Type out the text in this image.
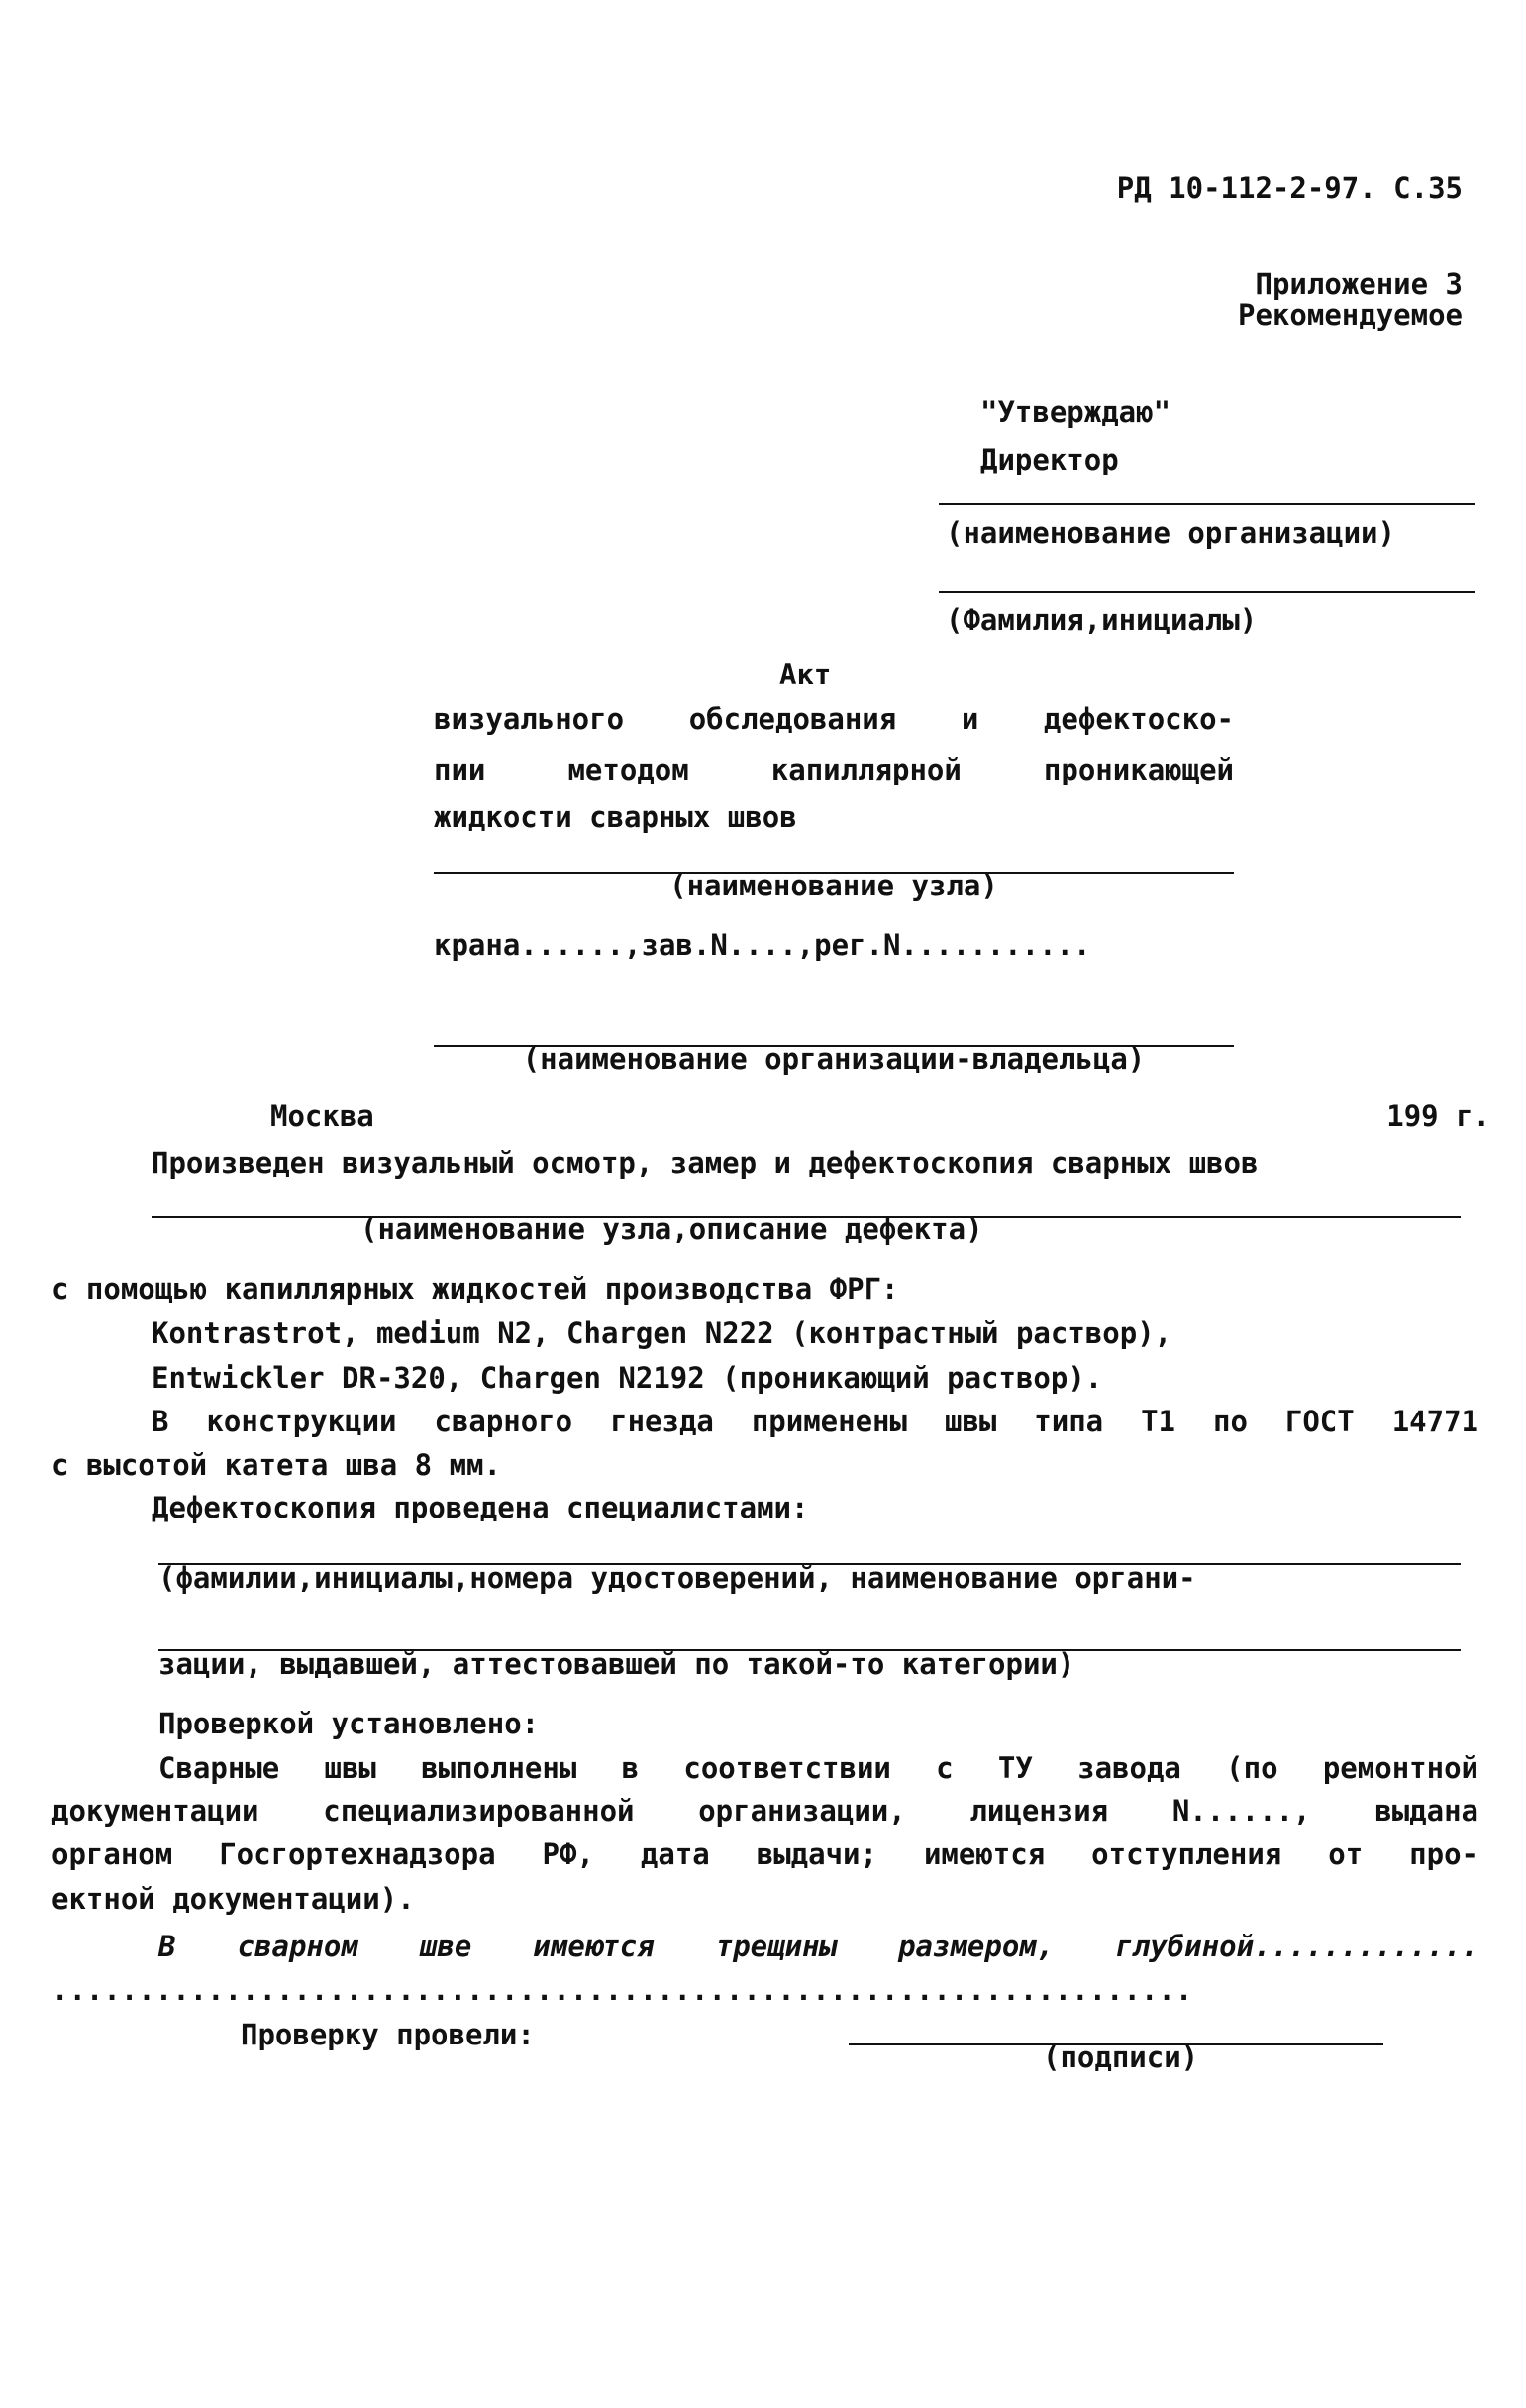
РД 10-112-2-97. С.35
Приложение 3
Рекомендуемое
"Утверждаю"
Директор
(наименование организации)
(Фамилия,инициалы)
Акт
визуального обследования и дефектоско-
пии методом капиллярной проникающей
жидкости сварных швов
(наименование узла)
крана......,зав.N....,рег.N...........
(наименование организации-владельца)
Москва	199 г.
Произведен визуальный осмотр, замер и дефектоскопия сварных швов
(наименование узла,описание дефекта)
с помощью капиллярных жидкостей производства ФРГ:
Kontrastrot, medium N2, Chargen N222 (контрастный раствор),
Entwickler DR-320, Chargen N2192 (проникающий раствор).
В конструкции сварного гнезда применены швы типа Т1 по ГОСТ 14771
с высотой катета шва 8 мм.
Дефектоскопия проведена специалистами:
(фамилии,инициалы,номера удостоверений, наименование органи-
зации, выдавшей, аттестовавшей по такой-то категории)
Проверкой установлено:
Сварные швы выполнены в соответствии с ТУ завода (по ремонтной
документации специализированной организации, лицензия N......, выдана
органом Госгортехнадзора РФ, дата выдачи; имеются отступления от про-
ектной документации).
В сварном шве имеются трещины размером, глубиной.............
..................................................................
Проверку провели:
(подписи)
